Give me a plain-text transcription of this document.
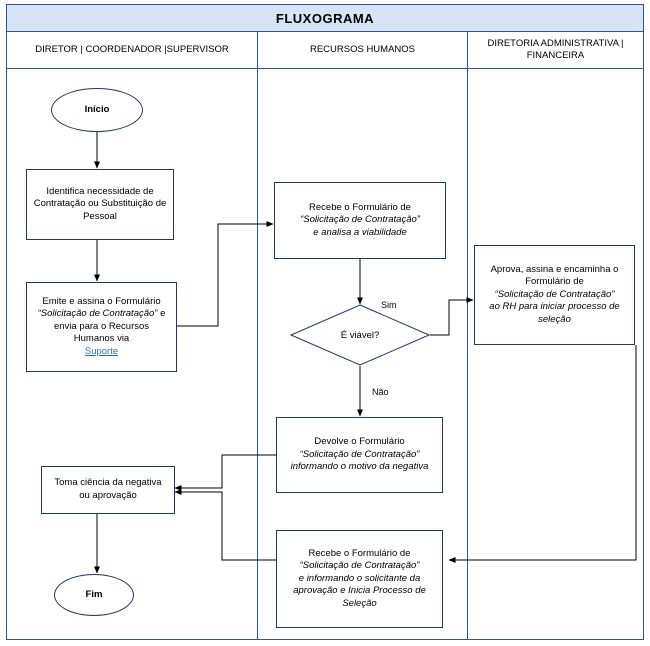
FLUXOGRAMA
DIRETOR | COORDENADOR |SUPERVISOR	RECURSOS HUMANOS
DIRETORIA ADMINISTRATIVA | FINANCEIRA
Início
Identifica necessidade de Contratação ou Substituição de Pessoal
Emite e assina o Formulário “Solicitação de Contratação” e envia para o Recursos Humanos via
Suporte
Toma ciência da negativa ou aprovação
Fim
Recebe o Formulário de
“Solicitação de Contratação”
e analisa a viabilidade
É viável?
Sim
Não
Devolve o Formulário
“Solicitação de Contratação”
informando o motivo da negativa
Recebe o Formulário de
“Solicitação de Contratação”
e informando o solicitante da aprovação e Inicia Processo de Seleção
Aprova, assina e encaminha o Formulário de
“Solicitação de Contratação”
ao RH para iniciar processo de seleção
